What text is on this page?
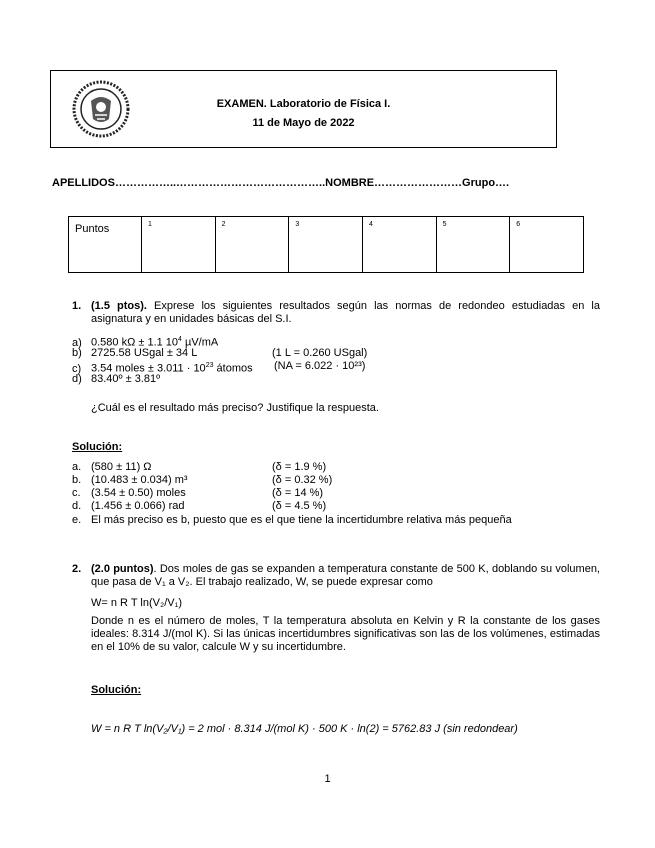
EXAMEN. Laboratorio de Física I.
11 de Mayo de 2022
APELLIDOS……………..…………………………………..NOMBRE……………………Grupo….
Puntos	1	2	3	4	5	6
1. (1.5 ptos). Exprese los siguientes resultados según las normas de redondeo estudiadas en la asignatura y en unidades básicas del S.I.
a) 0.580 kΩ ± 1.1 $10^4$ µV/mA
b) 2725.58 USgal ± 34 L	(1 L = 0.260 USgal)
c) 3.54 moles ± $3.011 \cdot 10^{23}$ átomos (NA = 6.022 · 10²³)
d) 83.40º ± 3.81º
¿Cuál es el resultado más preciso? Justifique la respuesta.
Solución:
a. (580 ± 11) Ω	(δ = 1.9 %)
b. (10.483 ± 0.034) m³	(δ = 0.32 %)
c. (3.54 ± 0.50) moles	(δ = 14 %)
d. (1.456 ± 0.066) rad	(δ = 4.5 %)
e. El más preciso es b, puesto que es el que tiene la incertidumbre relativa más pequeña
2. (2.0 puntos). Dos moles de gas se expanden a temperatura constante de 500 K, doblando su volumen, que pasa de V₁ a V₂. El trabajo realizado, W, se puede expresar como
W= n R T ln(V₂/V₁)
Donde n es el número de moles, T la temperatura absoluta en Kelvin y R la constante de los gases ideales: 8.314 J/(mol K). Si las únicas incertidumbres significativas son las de los volúmenes, estimadas en el 10% de su valor, calcule W y su incertidumbre.
Solución:
W = n R T ln(V₂/V₁) = 2 mol · 8.314 J/(mol K) · 500 K · ln(2) = 5762.83 J (sin redondear)
1
